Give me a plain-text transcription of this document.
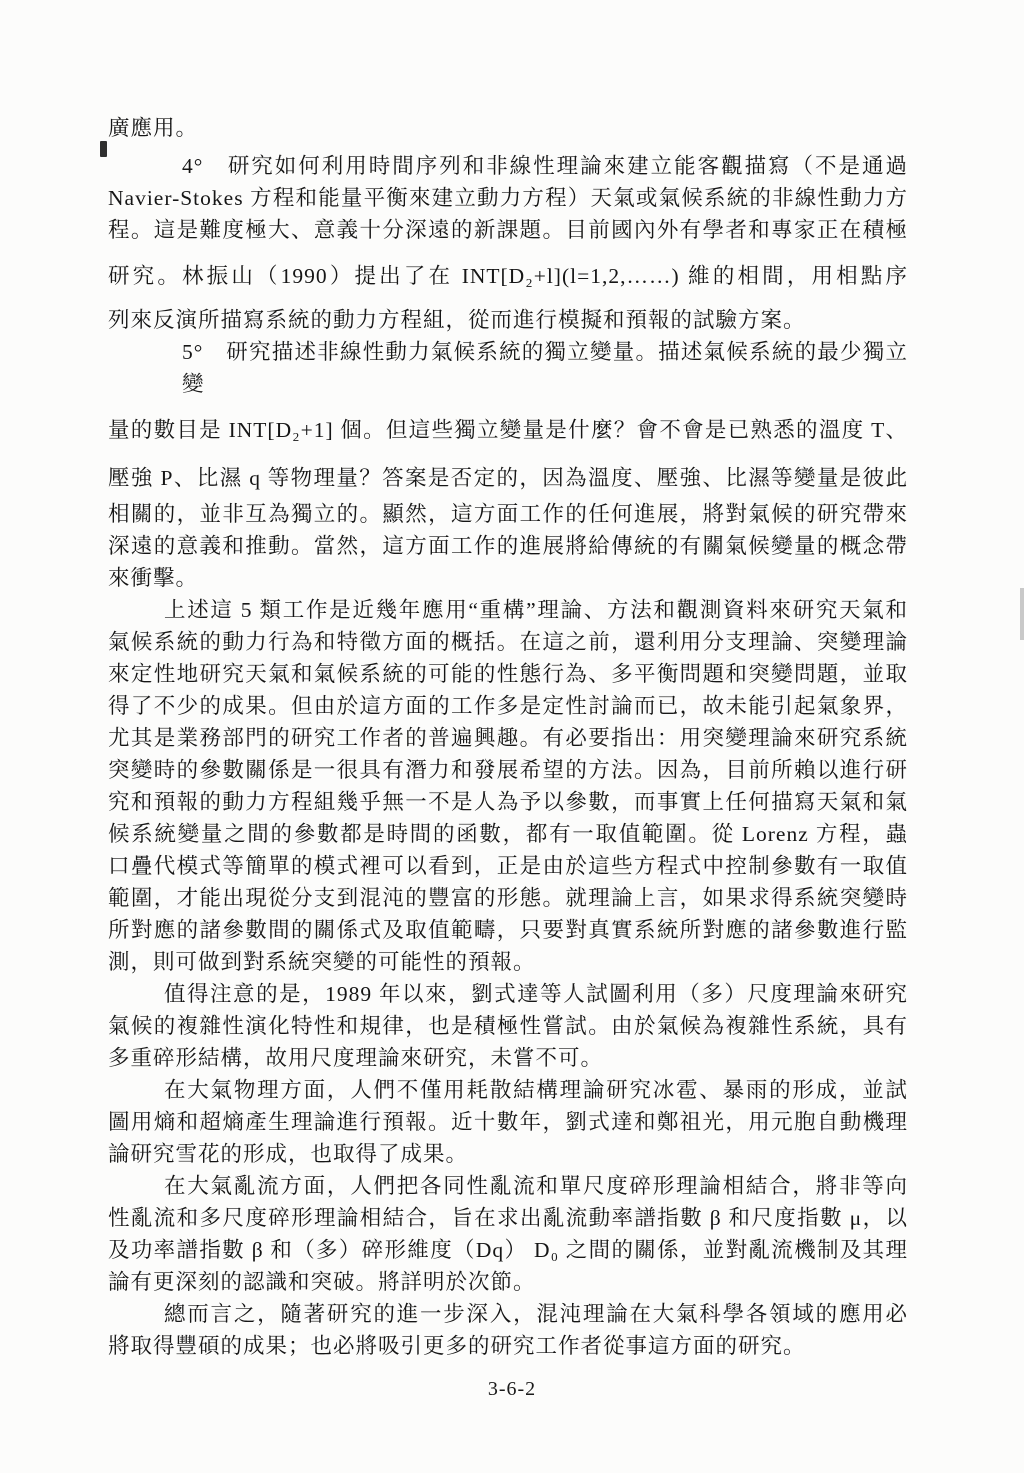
廣應用。
4°　研究如何利用時間序列和非線性理論來建立能客觀描寫（不是通過
Navier-Stokes 方程和能量平衡來建立動力方程）天氣或氣候系統的非線性動力方
程。這是難度極大、意義十分深遠的新課題。目前國內外有學者和專家正在積極
研究。林振山（1990）提出了在 INT[D₂+l](l=1,2,……) 維的相間，用相點序
列來反演所描寫系統的動力方程組，從而進行模擬和預報的試驗方案。
5°　研究描述非線性動力氣候系統的獨立變量。描述氣候系統的最少獨立變
量的數目是 INT[D₂+1] 個。但這些獨立變量是什麼？會不會是已熟悉的溫度 T、
壓強 P、比濕 q 等物理量？答案是否定的，因為溫度、壓強、比濕等變量是彼此
相關的，並非互為獨立的。顯然，這方面工作的任何進展，將對氣候的研究帶來
深遠的意義和推動。當然，這方面工作的進展將給傳統的有關氣候變量的概念帶
來衝擊。
上述這 5 類工作是近幾年應用“重構”理論、方法和觀測資料來研究天氣和
氣候系統的動力行為和特徵方面的概括。在這之前，還利用分支理論、突變理論
來定性地研究天氣和氣候系統的可能的性態行為、多平衡問題和突變問題，並取
得了不少的成果。但由於這方面的工作多是定性討論而已，故未能引起氣象界，
尤其是業務部門的研究工作者的普遍興趣。有必要指出：用突變理論來研究系統
突變時的參數關係是一很具有潛力和發展希望的方法。因為，目前所賴以進行研
究和預報的動力方程組幾乎無一不是人為予以參數，而事實上任何描寫天氣和氣
候系統變量之間的參數都是時間的函數，都有一取值範圍。從 Lorenz 方程，蟲
口疊代模式等簡單的模式裡可以看到，正是由於這些方程式中控制參數有一取值
範圍，才能出現從分支到混沌的豐富的形態。就理論上言，如果求得系統突變時
所對應的諸參數間的關係式及取值範疇，只要對真實系統所對應的諸參數進行監
測，則可做到對系統突變的可能性的預報。
值得注意的是，1989 年以來，劉式達等人試圖利用（多）尺度理論來研究
氣候的複雜性演化特性和規律，也是積極性嘗試。由於氣候為複雜性系統，具有
多重碎形結構，故用尺度理論來研究，未嘗不可。
在大氣物理方面，人們不僅用耗散結構理論研究冰雹、暴雨的形成，並試
圖用熵和超熵產生理論進行預報。近十數年，劉式達和鄭祖光，用元胞自動機理
論研究雪花的形成，也取得了成果。
在大氣亂流方面，人們把各同性亂流和單尺度碎形理論相結合，將非等向
性亂流和多尺度碎形理論相結合，旨在求出亂流動率譜指數 β 和尺度指數 μ，以
及功率譜指數 β 和（多）碎形維度（Dq） D₀ 之間的關係，並對亂流機制及其理
論有更深刻的認識和突破。將詳明於次節。
總而言之，隨著研究的進一步深入，混沌理論在大氣科學各領域的應用必
將取得豐碩的成果；也必將吸引更多的研究工作者從事這方面的研究。
3-6-2
